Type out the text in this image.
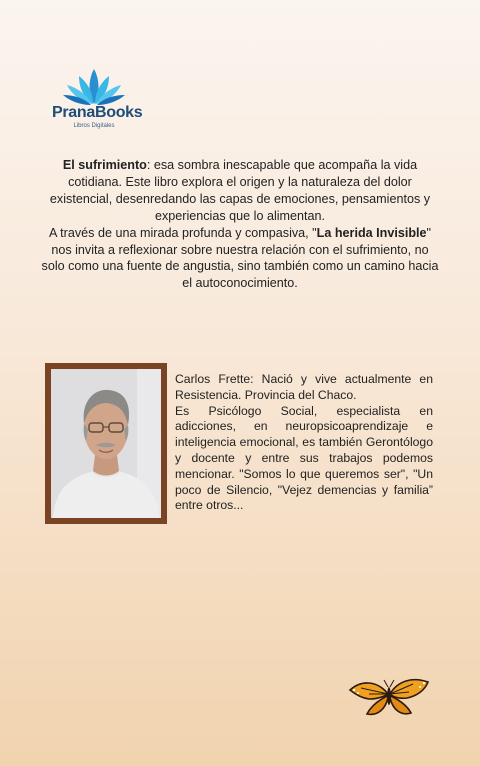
PranaBooks
Libros Digitales

El sufrimiento: esa sombra inescapable que acompaña la vida cotidiana. Este libro explora el origen y la naturaleza del dolor existencial, desenredando las capas de emociones, pensamientos y experiencias que lo alimentan.

A través de una mirada profunda y compasiva, "La herida Invisible" nos invita a reflexionar sobre nuestra relación con el sufrimiento, no solo como una fuente de angustia, sino también como un camino hacia el autoconocimiento.

Carlos Frette: Nació y vive actualmente en Resistencia. Provincia del Chaco.

Es Psicólogo Social, especialista en adicciones, en neuropsicoaprendizaje e inteligencia emocional, es también Gerontólogo y docente y entre sus trabajos podemos mencionar. "Somos lo que queremos ser", "Un poco de Silencio, "Vejez demencias y familia” entre otros...
